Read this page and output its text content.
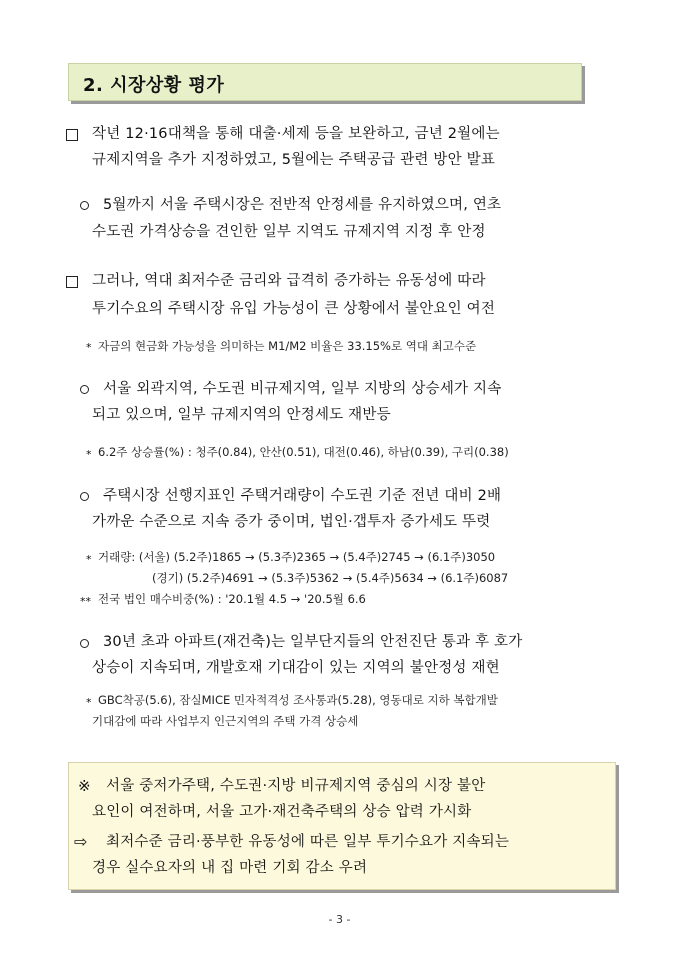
2. 시장상황 평가
작년 12·16대책을 통해 대출·세제 등을 보완하고, 금년 2월에는
규제지역을 추가 지정하였고, 5월에는 주택공급 관련 방안 발표
5월까지 서울 주택시장은 전반적 안정세를 유지하였으며, 연초
수도권 가격상승을 견인한 일부 지역도 규제지역 지정 후 안정
그러나, 역대 최저수준 금리와 급격히 증가하는 유동성에 따라
투기수요의 주택시장 유입 가능성이 큰 상황에서 불안요인 여전
* 자금의 현금화 가능성을 의미하는 M1/M2 비율은 33.15%로 역대 최고수준
서울 외곽지역, 수도권 비규제지역, 일부 지방의 상승세가 지속
되고 있으며, 일부 규제지역의 안정세도 재반등
* 6.2주 상승률(%) : 청주(0.84), 안산(0.51), 대전(0.46), 하남(0.39), 구리(0.38)
주택시장 선행지표인 주택거래량이 수도권 기준 전년 대비 2배
가까운 수준으로 지속 증가 중이며, 법인·갭투자 증가세도 뚜렷
* 거래량: (서울) (5.2주)1865 → (5.3주)2365 → (5.4주)2745 → (6.1주)3050
(경기) (5.2주)4691 → (5.3주)5362 → (5.4주)5634 → (6.1주)6087
** 전국 법인 매수비중(%) : '20.1월 4.5 → '20.5월 6.6
30년 초과 아파트(재건축)는 일부단지들의 안전진단 통과 후 호가
상승이 지속되며, 개발호재 기대감이 있는 지역의 불안정성 재현
* GBC착공(5.6), 잠실MICE 민자적격성 조사통과(5.28), 영동대로 지하 복합개발
기대감에 따라 사업부지 인근지역의 주택 가격 상승세
※ 서울 중저가주택, 수도권·지방 비규제지역 중심의 시장 불안
요인이 여전하며, 서울 고가·재건축주택의 상승 압력 가시화
⇨ 최저수준 금리·풍부한 유동성에 따른 일부 투기수요가 지속되는
경우 실수요자의 내 집 마련 기회 감소 우려
- 3 -
